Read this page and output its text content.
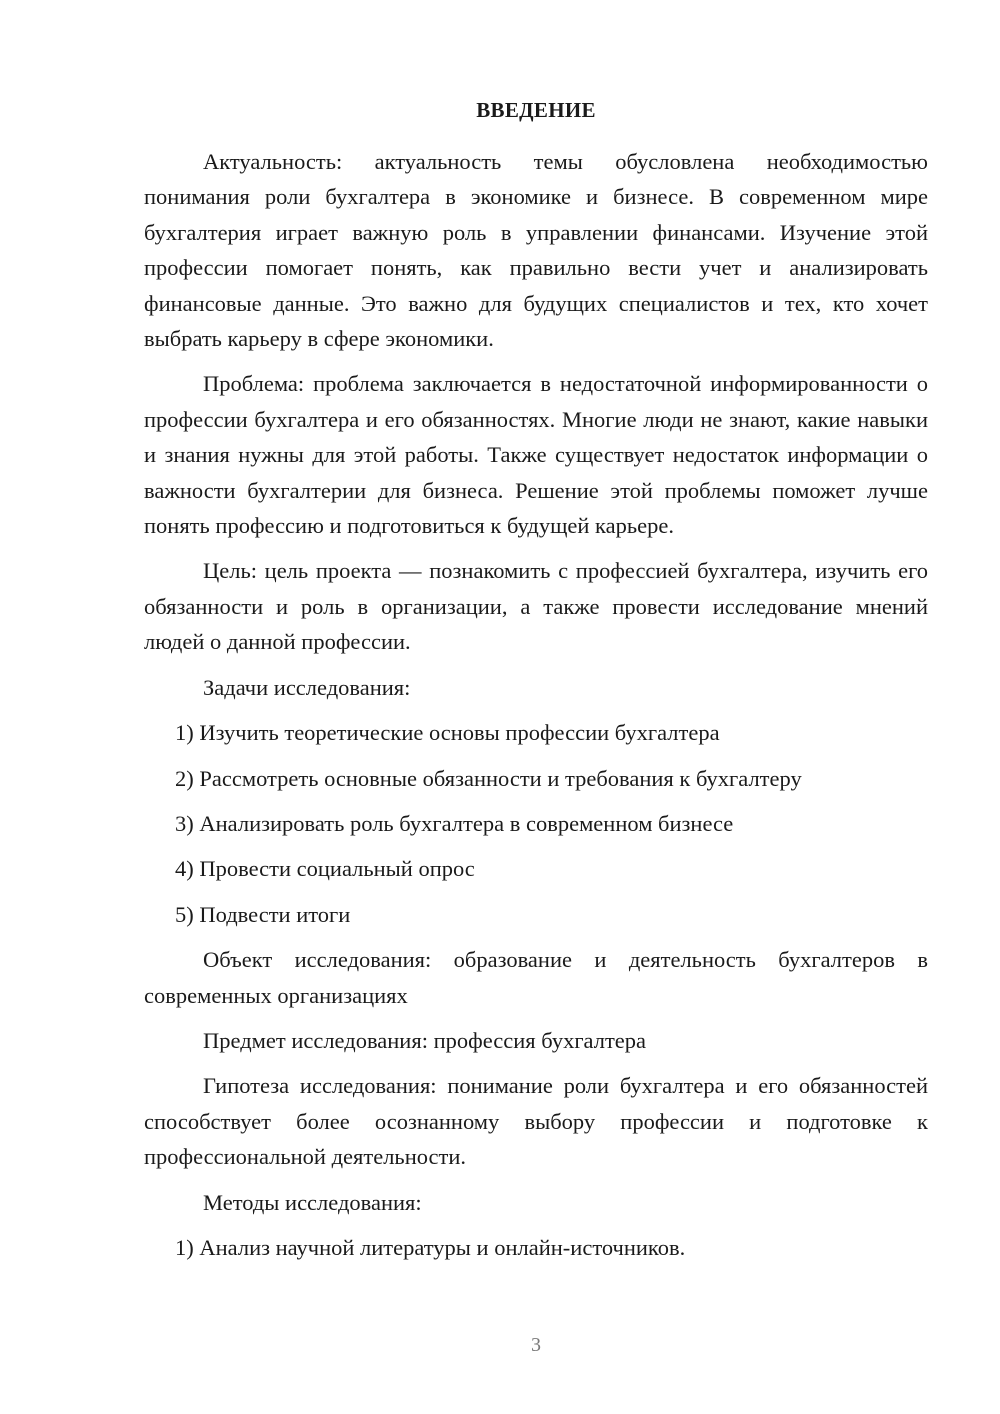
ВВЕДЕНИЕ

Актуальность: актуальность темы обусловлена необходимостью понимания роли бухгалтера в экономике и бизнесе. В современном мире бухгалтерия играет важную роль в управлении финансами. Изучение этой профессии помогает понять, как правильно вести учет и анализировать финансовые данные. Это важно для будущих специалистов и тех, кто хочет выбрать карьеру в сфере экономики.

Проблема: проблема заключается в недостаточной информированности о профессии бухгалтера и его обязанностях. Многие люди не знают, какие навыки и знания нужны для этой работы. Также существует недостаток информации о важности бухгалтерии для бизнеса. Решение этой проблемы поможет лучше понять профессию и подготовиться к будущей карьере.

Цель: цель проекта — познакомить с профессией бухгалтера, изучить его обязанности и роль в организации, а также провести исследование мнений людей о данной профессии.

Задачи исследования:

1) Изучить теоретические основы профессии бухгалтера
2) Рассмотреть основные обязанности и требования к бухгалтеру
3) Анализировать роль бухгалтера в современном бизнесе
4) Провести социальный опрос
5) Подвести итоги

Объект исследования: образование и деятельность бухгалтеров в современных организациях

Предмет исследования: профессия бухгалтера

Гипотеза исследования: понимание роли бухгалтера и его обязанностей способствует более осознанному выбору профессии и подготовке к профессиональной деятельности.

Методы исследования:

1) Анализ научной литературы и онлайн-источников.
3
